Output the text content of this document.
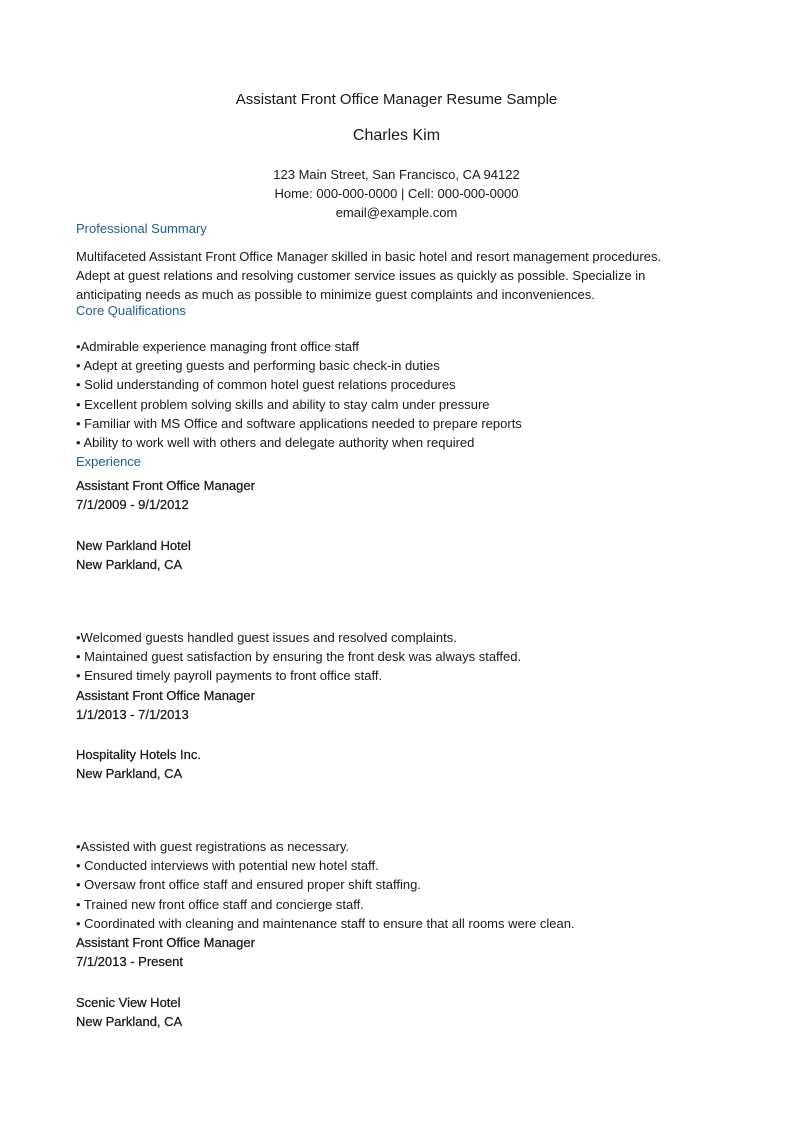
Assistant Front Office Manager Resume Sample
Charles Kim
123 Main Street, San Francisco, CA 94122
Home: 000-000-0000 | Cell: 000-000-0000
email@example.com
Professional Summary

Multifaceted Assistant Front Office Manager skilled in basic hotel and resort management procedures.

Adept at guest relations and resolving customer service issues as quickly as possible. Specialize in

anticipating needs as much as possible to minimize guest complaints and inconveniences.

Core Qualifications
•Admirable experience managing front office staff
• Adept at greeting guests and performing basic check-in duties
• Solid understanding of common hotel guest relations procedures
• Excellent problem solving skills and ability to stay calm under pressure
• Familiar with MS Office and software applications needed to prepare reports
• Ability to work well with others and delegate authority when required
Experience
Assistant Front Office Manager
7/1/2009 - 9/1/2012
New Parkland Hotel
New Parkland, CA
•Welcomed guests handled guest issues and resolved complaints.
• Maintained guest satisfaction by ensuring the front desk was always staffed.
• Ensured timely payroll payments to front office staff.
Assistant Front Office Manager
1/1/2013 - 7/1/2013
Hospitality Hotels Inc.
New Parkland, CA
•Assisted with guest registrations as necessary.
• Conducted interviews with potential new hotel staff.
• Oversaw front office staff and ensured proper shift staffing.
• Trained new front office staff and concierge staff.
• Coordinated with cleaning and maintenance staff to ensure that all rooms were clean.
Assistant Front Office Manager
7/1/2013 - Present
Scenic View Hotel
New Parkland, CA
